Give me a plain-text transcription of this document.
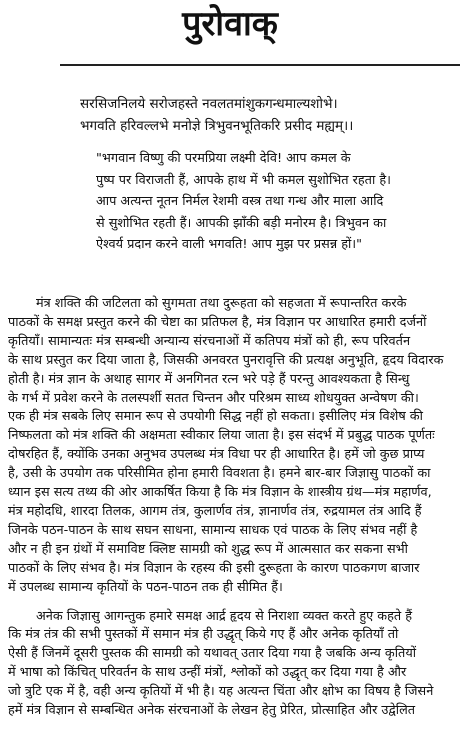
पुरोवाक्
सरसिजनिलये सरोजहस्ते नवलतमांशुकगन्धमाल्यशोभे।
भगवति हरिवल्लभे मनोज्ञे त्रिभुवनभूतिकरि प्रसीद मह्यम्।।
"भगवान विष्णु की परमप्रिया लक्ष्मी देवि! आप कमल के
पुष्प पर विराजती हैं, आपके हाथ में भी कमल सुशोभित रहता है।
आप अत्यन्त नूतन निर्मल रेशमी वस्त्र तथा गन्ध और माला आदि
से सुशोभित रहती हैं। आपकी झाँकी बड़ी मनोरम है। त्रिभुवन का
ऐश्वर्य प्रदान करने वाली भगवति! आप मुझ पर प्रसन्न हों।"
मंत्र शक्ति की जटिलता को सुगमता तथा दुरूहता को सहजता में रूपान्तरित करके
पाठकों के समक्ष प्रस्तुत करने की चेष्टा का प्रतिफल है, मंत्र विज्ञान पर आधारित हमारी दर्जनों
कृतियाँ। सामान्यतः मंत्र सम्बन्धी अन्यान्य संरचनाओं में कतिपय मंत्रों को ही, रूप परिवर्तन
के साथ प्रस्तुत कर दिया जाता है, जिसकी अनवरत पुनरावृत्ति की प्रत्यक्ष अनुभूति, हृदय विदारक
होती है। मंत्र ज्ञान के अथाह सागर में अनगिनत रत्न भरे पड़े हैं परन्तु आवश्यकता है सिन्धु
के गर्भ में प्रवेश करने के तलस्पर्शी सतत चिन्तन और परिश्रम साध्य शोधयुक्त अन्वेषण की।
एक ही मंत्र सबके लिए समान रूप से उपयोगी सिद्ध नहीं हो सकता। इसीलिए मंत्र विशेष की
निष्फलता को मंत्र शक्ति की अक्षमता स्वीकार लिया जाता है। इस संदर्भ में प्रबुद्ध पाठक पूर्णतः
दोषरहित हैं, क्योंकि उनका अनुभव उपलब्ध मंत्र विधा पर ही आधारित है। हमें जो कुछ प्राप्य
है, उसी के उपयोग तक परिसीमित होना हमारी विवशता है। हमने बार-बार जिज्ञासु पाठकों का
ध्यान इस सत्य तथ्य की ओर आकर्षित किया है कि मंत्र विज्ञान के शास्त्रीय ग्रंथ—मंत्र महार्णव,
मंत्र महोदधि, शारदा तिलक, आगम तंत्र, कुलार्णव तंत्र, ज्ञानार्णव तंत्र, रुद्रयामल तंत्र आदि हैं
जिनके पठन-पाठन के साथ सघन साधना, सामान्य साधक एवं पाठक के लिए संभव नहीं है
और न ही इन ग्रंथों में समाविष्ट क्लिष्ट सामग्री को शुद्ध रूप में आत्मसात कर सकना सभी
पाठकों के लिए संभव है। मंत्र विज्ञान के रहस्य की इसी दुरूहता के कारण पाठकगण बाजार
में उपलब्ध सामान्य कृतियों के पठन-पाठन तक ही सीमित हैं।
अनेक जिज्ञासु आगन्तुक हमारे समक्ष आर्द्र हृदय से निराशा व्यक्त करते हुए कहते हैं
कि मंत्र तंत्र की सभी पुस्तकों में समान मंत्र ही उद्धृत् किये गए हैं और अनेक कृतियाँ तो
ऐसी हैं जिनमें दूसरी पुस्तक की सामग्री को यथावत् उतार दिया गया है जबकि अन्य कृतियों
में भाषा को किंचित् परिवर्तन के साथ उन्हीं मंत्रों, श्लोकों को उद्धृत् कर दिया गया है और
जो त्रुटि एक में है, वही अन्य कृतियों में भी है। यह अत्यन्त चिंता और क्षोभ का विषय है जिसने
हमें मंत्र विज्ञान से सम्बन्धित अनेक संरचनाओं के लेखन हेतु प्रेरित, प्रोत्साहित और उद्वेलित
